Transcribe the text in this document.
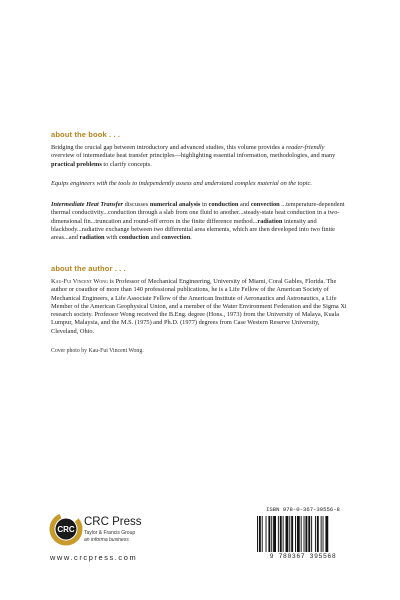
about the book . . .

Bridging the crucial gap between introductory and advanced studies, this volume provides a reader-friendly overview of intermediate heat transfer principles—highlighting essential information, methodologies, and many practical problems to clarify concepts.

Equips engineers with the tools to independently assess and understand complex material on the topic.

Intermediate Heat Transfer discusses numerical analysis in conduction and convection ...temperature-dependent thermal conductivity...conduction through a slab from one fluid to another...steady-state heat conduction in a two-dimensional fin...truncation and round-off errors in the finite difference method...radiation intensity and blackbody...radiative exchange between two differential area elements, which are then developed into two finite areas...and radiation with conduction and convection.

about the author . . .

Kau-Fui Vincent Wong is Professor of Mechanical Engineering, University of Miami, Coral Gables, Florida. The author or coauthor of more than 140 professional publications, he is a Life Fellow of the American Society of Mechanical Engineers, a Life Associate Fellow of the American Institute of Aeronautics and Astronautics, a Life Member of the American Geophysical Union, and a member of the Water Environment Federation and the Sigma Xi research society. Professor Wong received the B.Eng. degree (Hons., 1973) from the University of Malaya, Kuala Lumpur, Malaysia, and the M.S. (1975) and Ph.D. (1977) degrees from Case Western Reserve University, Cleveland, Ohio.

Cover photo by Kau-Fui Vincent Wong.

CRC
CRC Press
Taylor & Francis Group
an informa business
www.crcpress.com
ISBN 978-0-367-39556-8
9 780367 395568
